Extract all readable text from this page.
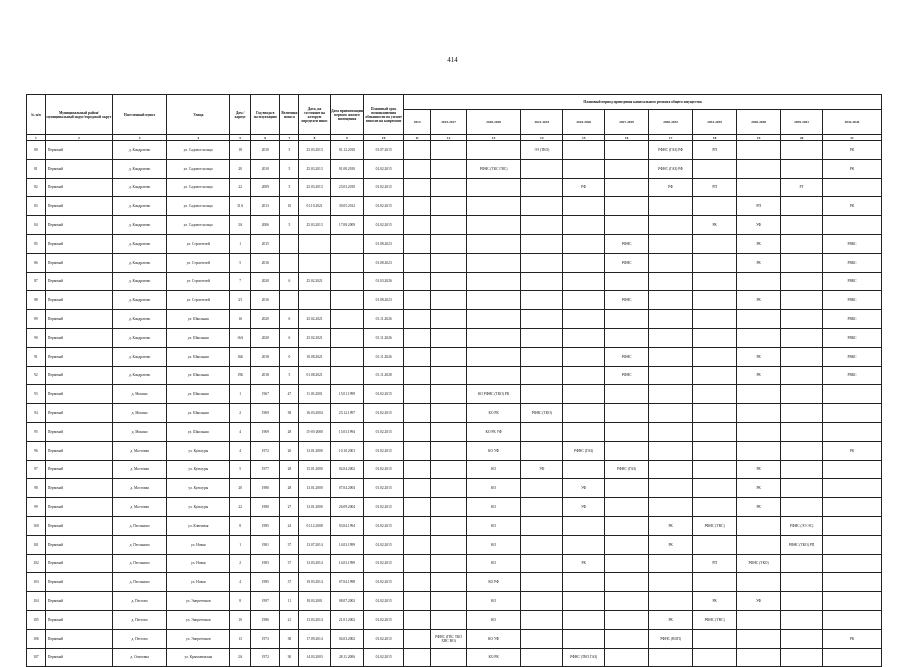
414
№ п/п	Муниципальный район/муниципальный округ/городской округ	Населенный пункт	Улица	Дом / корпус	Год ввода в эксплуатацию	Величина износа	Дата, на состояние на которую определен износ	Дата приватизации первого жилого помещения	Плановый срок возникновения обязанности по уплате взносов на капремонт	Плановый период проведения капитального ремонта общего имущества										
										2014	2015-2017	2018-2020	2021-2023	2024-2026	2027-2029	2030-2032	2033-2035	2036-2038	2039-2041	2042-2044
1	2	3	4	5	6	7	8	9	10	11	12	13	14	15	16	17	18	19	20	21
80	Первомай	д. Кондратово	ул. Садовое кольцо	18	2010	5	25.03.2013	01.12.2010	01.07.2015				ЭЭ (ТКО)			РФНС (ГАЗ) РФ	РП			РК
81	Первомай	д. Кондратово	ул. Садовое кольцо	20	2010	5	25.03.2013	01.08.2010	01.02.2015			РФНС (ТКС ГВС)				РФНС (ГАЗ) РФ				РК
82	Первомай	д. Кондратово	ул. Садовое кольцо	22	2009	5	25.03.2013	23.03.2010	01.02.2015					РФ		РФ	РП		РТ	
83	Первомай	д. Кондратово	ул. Садовое кольцо	31А	2013	10	01.10.2021	30.05.2012	01.02.2015									РП		РК
84	Первомай	д. Кондратово	ул. Садовое кольцо	3А	2006	5	25.03.2013	17.08.2009	01.02.2015								РК	УФ		
85	Первомай	д. Кондратово	ул. Строителей	1	2015				01.08.2023						РФНС			РК		РВКС
86	Первомай	д. Кондратово	ул. Строителей	5	2016				01.08.2023						РФНС			РК		РВКС
87	Первомай	д. Кондратово	ул. Строителей	7	2020	6	25.02.2021		01.03.2026											РВКС
88	Первомай	д. Кондратово	ул. Строителей	3/1	2016				01.08.2023						РФНС			РК		РВКС
89	Первомай	д. Кондратово	ул. Школьная	16	2020	6	25.02.2021		01.11.2026											РВКС
90	Первомай	д. Кондратово	ул. Школьная	16А	2020	6	25.02.2021		01.11.2026											РВКС
91	Первомай	д. Кондратово	ул. Школьная	16Б	2018	0	10.08.2021		01.11.2026						РФНС			РК		РВКС
92	Первомай	д. Кондратово	ул. Школьная	19Б	2018	5	01.08.2021		01.11.2028						РФНС			РК		РВКС
93	Первомай	д. Мокино	ул. Школьная	1	1967	47	11.03.2001	15.01.1999	01.02.2015			КО РФНС (ТКО) РК								
94	Первомай	д. Мокино	ул. Школьная	2	1969	38	16.03.2004	23.12.1997	01.02.2015			КО РК	РФНС (ТКО)							
95	Первомай	д. Мокино	ул. Школьная	4	1969	28	15-03-2000	15.03.1994	01.02.2015			КО РК УФ								
96	Первомай	д. Мостовая	ул. Культуры	4	1972	26	13.01.2000	10.10.2001	01.02.2015			КО УФ		РФНС (ГАЗ)						РК
97	Первомай	д. Мостовая	ул. Культуры	5	1977	28	15.01.2000	02.04.2002	01.02.2015			КО	УФ		РФНС (ГАЗ)			РК		
98	Первомай	д. Мостовая	ул. Культуры	20	1980	28	13.01.2000	07.04.2004	01.02.2015			КО		УФ				РК		
99	Первомай	д. Мостовая	ул. Культуры	22	1980	27	13.01.2000	26.09.2004	01.02.2015			КО		УФ				РК		
100	Первомай	д. Песчаново	ул. Ключевая	8	1985	24	01.12.2008	03.04.1994	01.02.2015			КО				РК	РФНС (ТВС)		РФНС (ЭЭ ЭС)	
101	Первомай	д. Песчаново	ул. Новая	1	1981	37	13.07.2014	14.03.1999	01.02.2015			КО				РК			РФНС (ТКО) РП	
102	Первомай	д. Песчаново	ул. Новая	2	1983	37	13.03.2014	14.03.1999	01.02.2015			КО		РК			РП	РФНС (ТКО)		
103	Первомай	д. Песчаново	ул. Новая	4	1985	37	19.03.2014	07.04.1998	01.02.2015			КО РФ								
104	Первомай	д. Пестово	ул. Энергетиков	8	1997	11	18.03.2001	08.07.2002	01.02.2015			КО					РК	УФ		
105	Первомай	д. Пестово	ул. Энергетиков	10	1986	21	13.03.2014	21.01.2002	01.02.2015			КО				РК	РФНС (ТВС)			
106	Первомай	д. Пестово	ул. Энергетиков	13	1973	38	17.09.2014	04.03.2002	01.02.2015		РФНС (ГВС ТКО ХВС ВО)	КО УФ				РФНС (ВОП)				РК
107	Первомай	д. Осиповка	ул. Крымовенская	2А	1972	30	14.03.2003	28.11.2006	01.02.2015			КО РК		РФНС (ТКО ГАЗ)						
